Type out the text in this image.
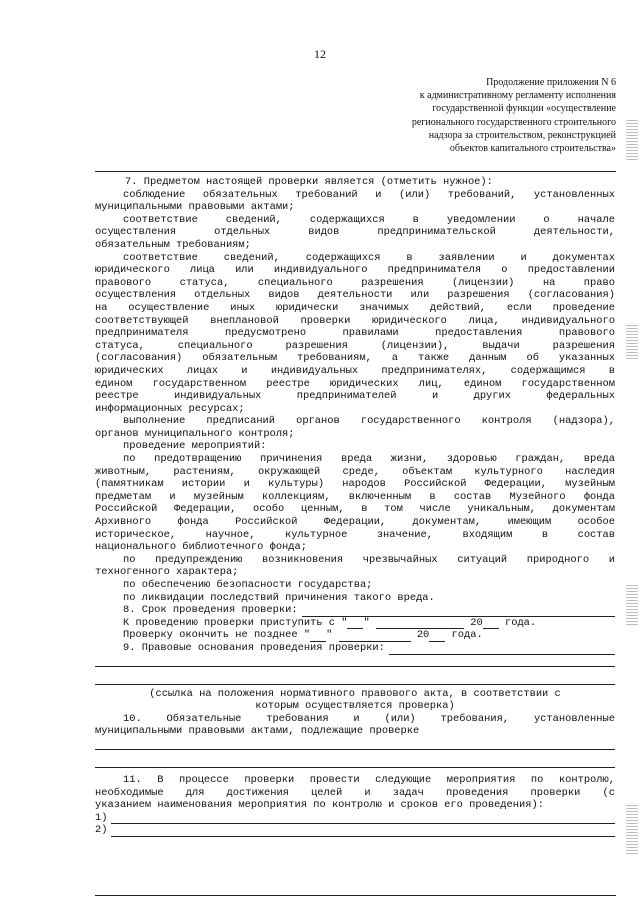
12
Продолжение приложения N 6
к административному регламенту исполнения
государственной функции «осуществление
регионального государственного строительного
надзора за строительством, реконструкцией
объектов капитального строительства»
7. Предметом настоящей проверки является (отметить нужное):
соблюдение обязательных требований и (или) требований, установленных
муниципальными правовыми актами;
соответствие сведений, содержащихся в уведомлении о начале
осуществления отдельных видов предпринимательской деятельности,
обязательным требованиям;
соответствие сведений, содержащихся в заявлении и документах
юридического лица или индивидуального предпринимателя о предоставлении
правового статуса, специального разрешения (лицензии) на право
осуществления отдельных видов деятельности или разрешения (согласования)
на осуществление иных юридически значимых действий, если проведение
соответствующей внеплановой проверки юридического лица, индивидуального
предпринимателя предусмотрено правилами предоставления правового
статуса, специального разрешения (лицензии), выдачи разрешения
(согласования) обязательным требованиям, а также данным об указанных
юридических лицах и индивидуальных предпринимателях, содержащимся в
едином государственном реестре юридических лиц, едином государственном
реестре индивидуальных предпринимателей и других федеральных
информационных ресурсах;
выполнение предписаний органов государственного контроля (надзора),
органов муниципального контроля;
проведение мероприятий:
по предотвращению причинения вреда жизни, здоровью граждан, вреда
животным, растениям, окружающей среде, объектам культурного наследия
(памятникам истории и культуры) народов Российской Федерации, музейным
предметам и музейным коллекциям, включенным в состав Музейного фонда
Российской Федерации, особо ценным, в том числе уникальным, документам
Архивного фонда Российской Федерации, документам, имеющим особое
историческое, научное, культурное значение, входящим в состав
национального библиотечного фонда;
по предупреждению возникновения чрезвычайных ситуаций природного и
техногенного характера;
по обеспечению безопасности государства;
по ликвидации последствий причинения такого вреда.
8. Срок проведения проверки:
К проведению проверки приступить с " "	20 года.
Проверку окончить не позднее " "	20 года.
9. Правовые основания проведения проверки:
(ссылка на положения нормативного правового акта, в соответствии с
которым осуществляется проверка)
10. Обязательные требования и (или) требования, установленные
муниципальными правовыми актами, подлежащие проверке
11. В процессе проверки провести следующие мероприятия по контролю,
необходимые для достижения целей и задач проведения проверки (с
указанием наименования мероприятия по контролю и сроков его проведения):
1)
2)
